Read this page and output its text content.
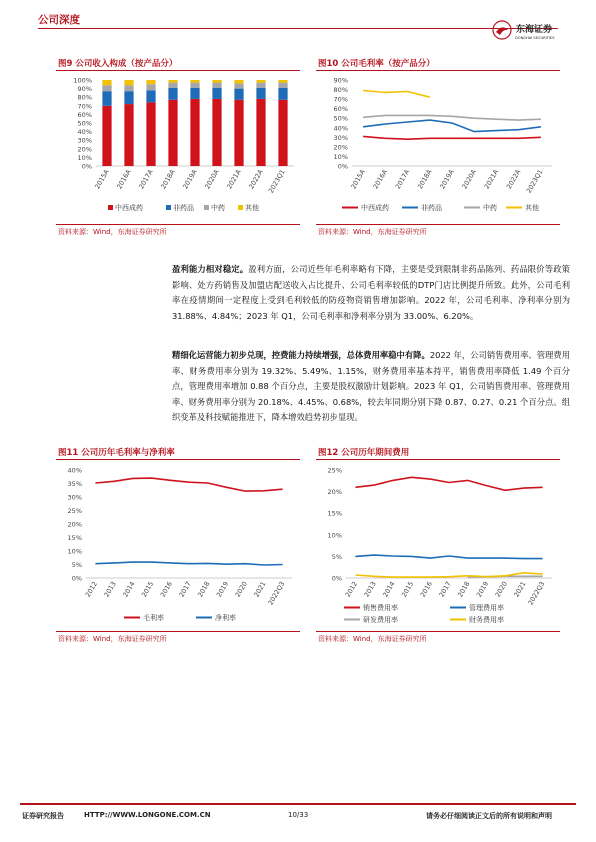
公司深度
东海证券
DONGHAI SECURITIES
图9 公司收入构成（按产品分）
0%
10%
20%
30%
40%
50%
60%
70%
80%
90%
100%
2015A 2016A 2017A 2018A 2019A 2020A 2021A 2022A 2023Q1
中西成药	非药品 中药	其他
资料来源：Wind，东海证券研究所
图10 公司毛利率（按产品分）
0%
10%
20%
30%
40%
50%
60%
70%
80%
90%
2015A 2016A 2017A 2018A 2019A 2020A 2021A 2022A 2023Q1
中西成药	非药品	中药	其他
资料来源：Wind，东海证券研究所
盈利能力相对稳定。盈利方面，公司近些年毛利率略有下降，主要是受到限制非药品陈列、药品限价等政策影响、处方药销售及加盟店配送收入占比提升、公司毛利率较低的DTP门店比例提升所致。此外，公司毛利率在疫情期间一定程度上受到毛利较低的防疫物资销售增加影响。2022 年，公司毛利率、净利率分别为 31.88%、4.84%；2023 年 Q1，公司毛利率和净利率分别为 33.00%、6.20%。
精细化运营能力初步兑现，控费能力持续增强，总体费用率稳中有降。2022 年，公司销售费用率、管理费用率、财务费用率分别为 19.32%、5.49%、1.15%，财务费用率基本持平，销售费用率降低 1.49 个百分点，管理费用率增加 0.88 个百分点，主要是股权激励计划影响。2023 年 Q1，公司销售费用率、管理费用率、财务费用率分别为 20.18%、4.45%、0.68%，较去年同期分别下降 0.87、0.27、0.21 个百分点。组织变革及科技赋能推进下，降本增效趋势初步显现。
图11 公司历年毛利率与净利率
0%
5%
10%
15%
20%
25%
30%
35%
40%
2012 2013 2014 2015 2016 2017 2018 2019 2020 2021
2022Q3
毛利率	净利率
资料来源：Wind，东海证券研究所
图12 公司历年期间费用
0%
5%
10%
15%
20%
25%
2012 2013 2014 2015 2016 2017 2018 2019 2020 2021
2022Q3
销售费用率	管理费用率
研发费用率	财务费用率
资料来源：Wind，东海证券研究所
证券研究报告	HTTP://WWW.LONGONE.COM.CN	10/33	请务必仔细阅读正文后的所有说明和声明
